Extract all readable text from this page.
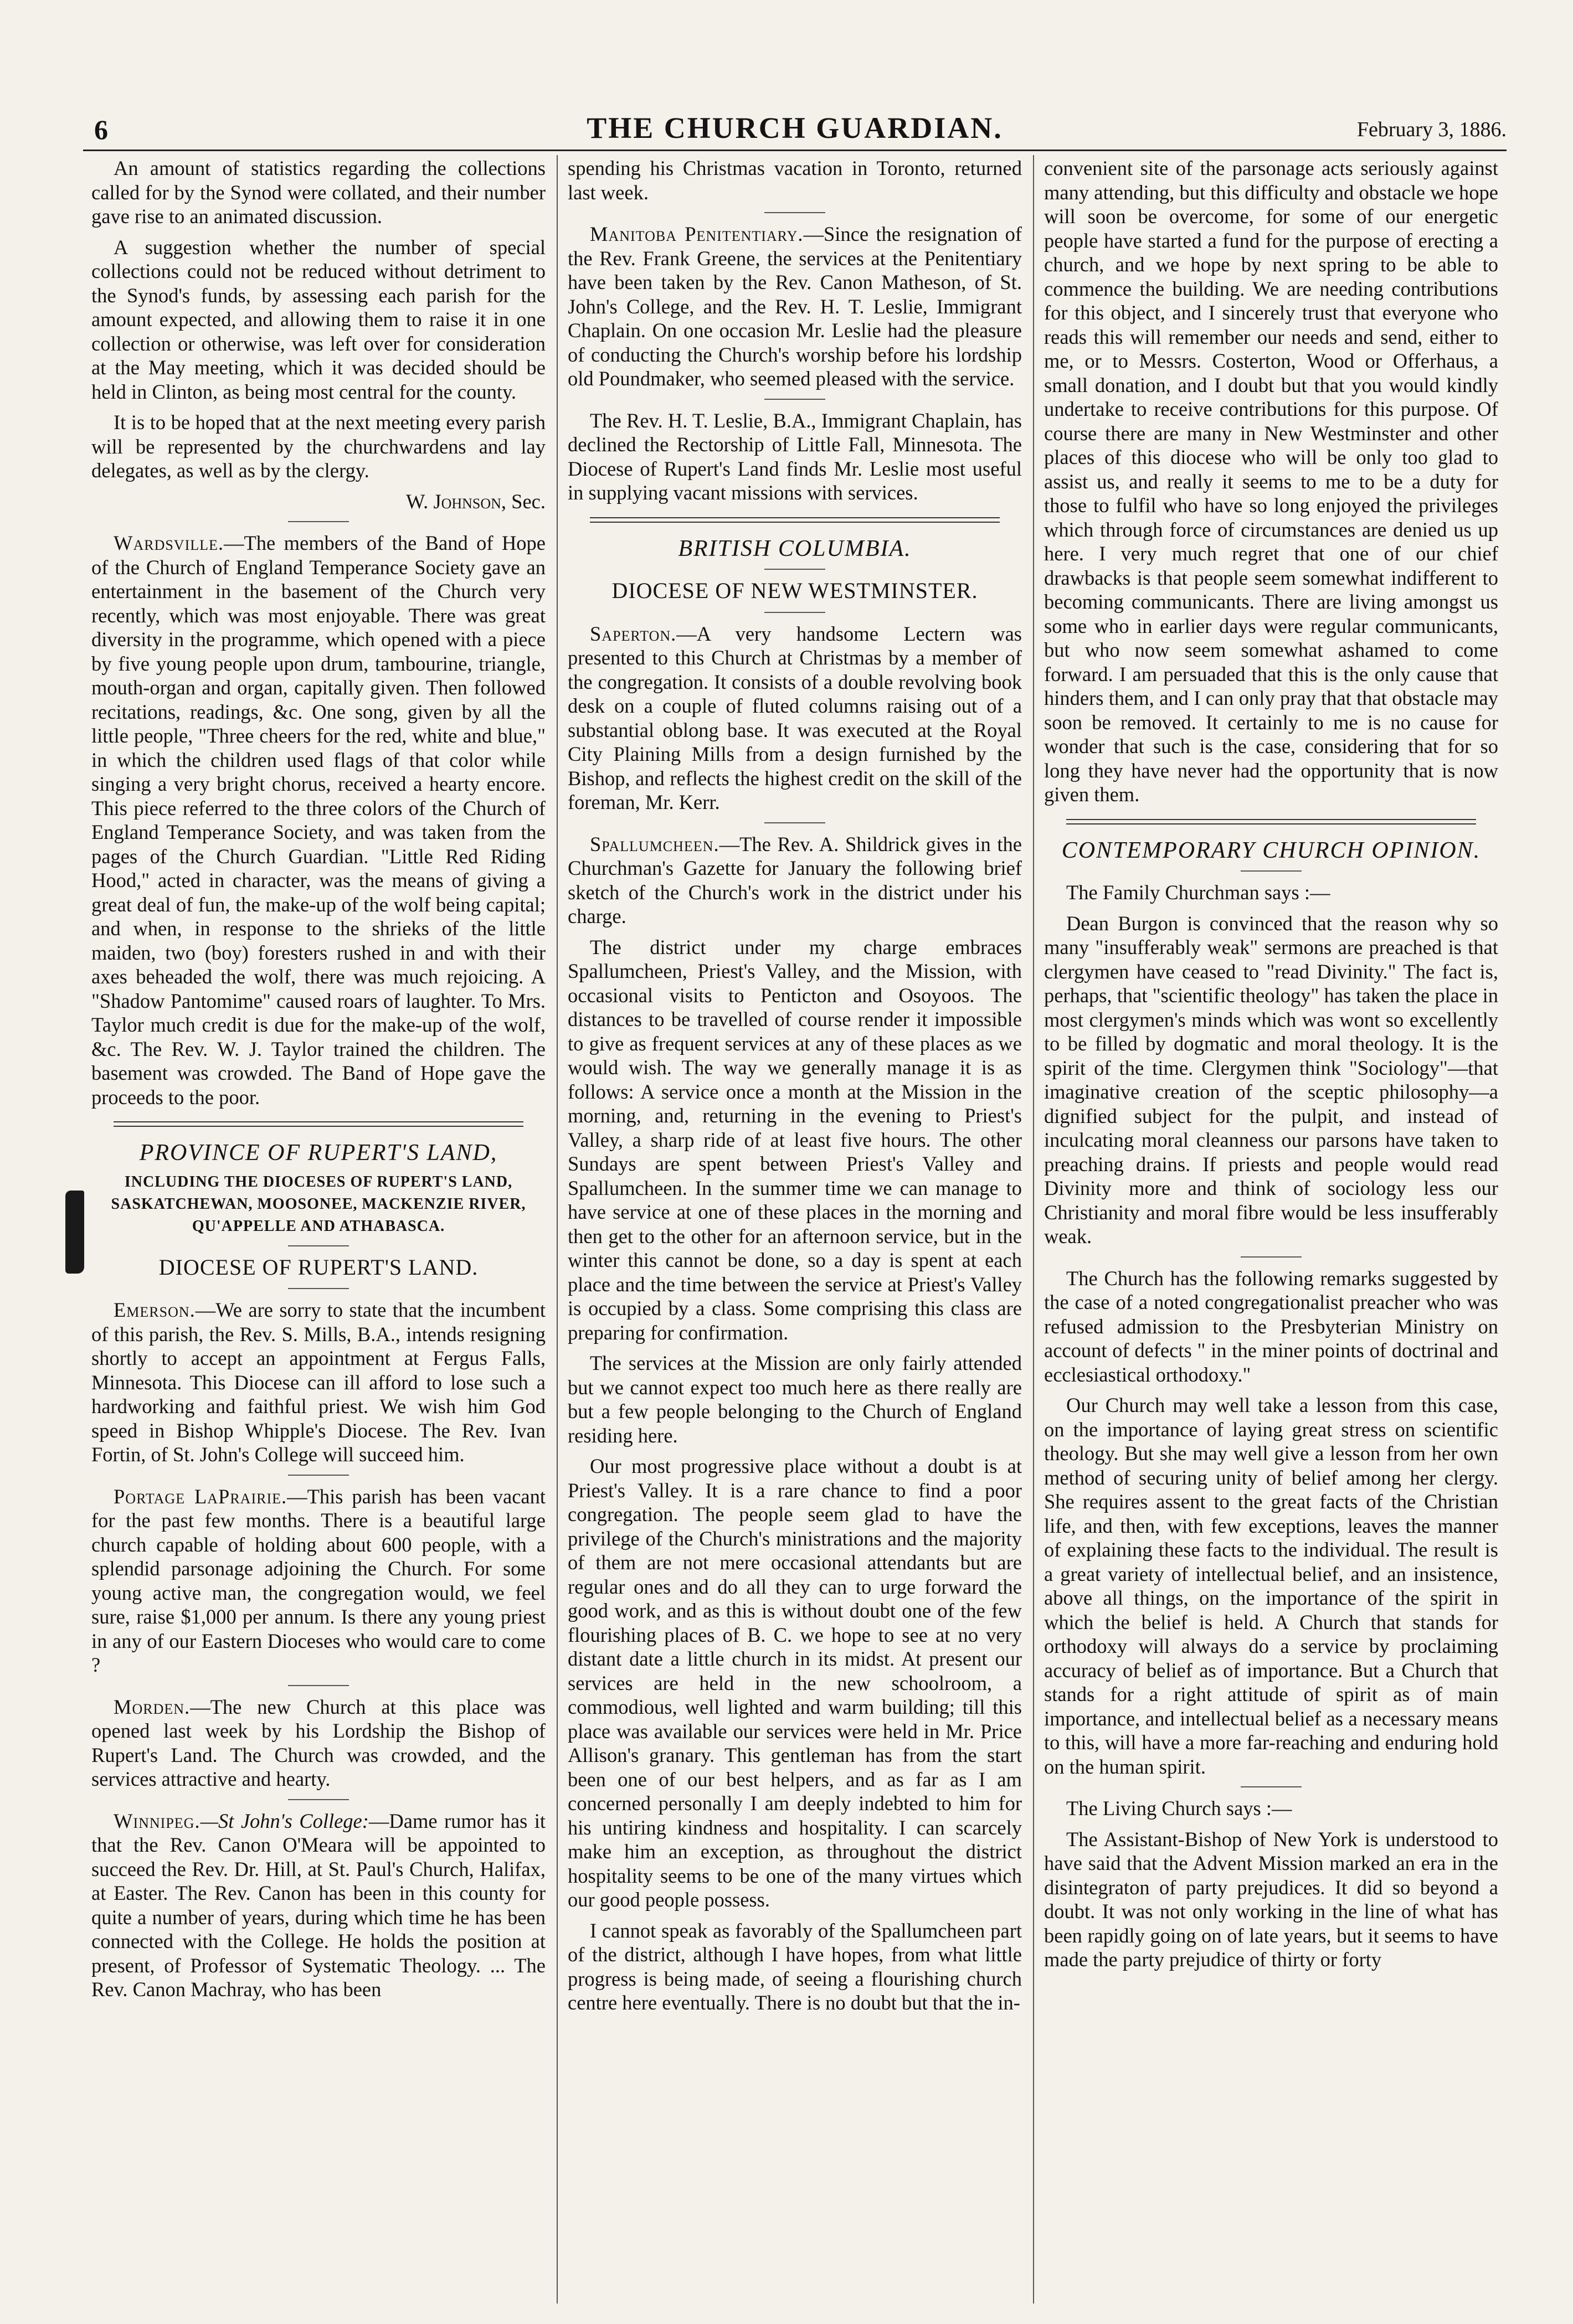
6	THE CHURCH GUARDIAN.	February 3, 1886.

An amount of statistics regarding the collections called for by the Synod were collated, and their number gave rise to an animated discussion.

A suggestion whether the number of special collections could not be reduced without detriment to the Synod's funds, by assessing each parish for the amount expected, and allowing them to raise it in one collection or otherwise, was left over for consideration at the May meeting, which it was decided should be held in Clinton, as being most central for the county.

It is to be hoped that at the next meeting every parish will be represented by the churchwardens and lay delegates, as well as by the clergy.

W. Johnson, Sec.

Wardsville.—The members of the Band of Hope of the Church of England Temperance Society gave an entertainment in the basement of the Church very recently, which was most enjoyable. There was great diversity in the programme, which opened with a piece by five young people upon drum, tambourine, triangle, mouth-organ and organ, capitally given. Then followed recitations, readings, &c. One song, given by all the little people, "Three cheers for the red, white and blue," in which the children used flags of that color while singing a very bright chorus, received a hearty encore. This piece referred to the three colors of the Church of England Temperance Society, and was taken from the pages of the Church Guardian. "Little Red Riding Hood," acted in character, was the means of giving a great deal of fun, the make-up of the wolf being capital; and when, in response to the shrieks of the little maiden, two (boy) foresters rushed in and with their axes beheaded the wolf, there was much rejoicing. A "Shadow Pantomime" caused roars of laughter. To Mrs. Taylor much credit is due for the make-up of the wolf, &c. The Rev. W. J. Taylor trained the children. The basement was crowded. The Band of Hope gave the proceeds to the poor.

PROVINCE OF RUPERT'S LAND,
INCLUDING THE DIOCESES OF RUPERT'S LAND, SASKATCHEWAN, MOOSONEE, MACKENZIE RIVER, QU'APPELLE AND ATHABASCA.
DIOCESE OF RUPERT'S LAND.

Emerson.—We are sorry to state that the incumbent of this parish, the Rev. S. Mills, B.A., intends resigning shortly to accept an appointment at Fergus Falls, Minnesota. This Diocese can ill afford to lose such a hardworking and faithful priest. We wish him God speed in Bishop Whipple's Diocese. The Rev. Ivan Fortin, of St. John's College will succeed him.

Portage LaPrairie.—This parish has been vacant for the past few months. There is a beautiful large church capable of holding about 600 people, with a splendid parsonage adjoining the Church. For some young active man, the congregation would, we feel sure, raise $1,000 per annum. Is there any young priest in any of our Eastern Dioceses who would care to come ?

Morden.—The new Church at this place was opened last week by his Lordship the Bishop of Rupert's Land. The Church was crowded, and the services attractive and hearty.

Winnipeg.—St John's College:—Dame rumor has it that the Rev. Canon O'Meara will be appointed to succeed the Rev. Dr. Hill, at St. Paul's Church, Halifax, at Easter. The Rev. Canon has been in this county for quite a number of years, during which time he has been connected with the College. He holds the position at present, of Professor of Systematic Theology. ... The Rev. Canon Machray, who has been

spending his Christmas vacation in Toronto, returned last week.

Manitoba Penitentiary.—Since the resignation of the Rev. Frank Greene, the services at the Penitentiary have been taken by the Rev. Canon Matheson, of St. John's College, and the Rev. H. T. Leslie, Immigrant Chaplain. On one occasion Mr. Leslie had the pleasure of conducting the Church's worship before his lordship old Poundmaker, who seemed pleased with the service.

The Rev. H. T. Leslie, B.A., Immigrant Chaplain, has declined the Rectorship of Little Fall, Minnesota. The Diocese of Rupert's Land finds Mr. Leslie most useful in supplying vacant missions with services.

BRITISH COLUMBIA.
DIOCESE OF NEW WESTMINSTER.

Saperton.—A very handsome Lectern was presented to this Church at Christmas by a member of the congregation. It consists of a double revolving book desk on a couple of fluted columns raising out of a substantial oblong base. It was executed at the Royal City Plaining Mills from a design furnished by the Bishop, and reflects the highest credit on the skill of the foreman, Mr. Kerr.

Spallumcheen.—The Rev. A. Shildrick gives in the Churchman's Gazette for January the following brief sketch of the Church's work in the district under his charge.

The district under my charge embraces Spallumcheen, Priest's Valley, and the Mission, with occasional visits to Penticton and Osoyoos. The distances to be travelled of course render it impossible to give as frequent services at any of these places as we would wish. The way we generally manage it is as follows: A service once a month at the Mission in the morning, and, returning in the evening to Priest's Valley, a sharp ride of at least five hours. The other Sundays are spent between Priest's Valley and Spallumcheen. In the summer time we can manage to have service at one of these places in the morning and then get to the other for an afternoon service, but in the winter this cannot be done, so a day is spent at each place and the time between the service at Priest's Valley is occupied by a class. Some comprising this class are preparing for confirmation.

The services at the Mission are only fairly attended but we cannot expect too much here as there really are but a few people belonging to the Church of England residing here.

Our most progressive place without a doubt is at Priest's Valley. It is a rare chance to find a poor congregation. The people seem glad to have the privilege of the Church's ministrations and the majority of them are not mere occasional attendants but are regular ones and do all they can to urge forward the good work, and as this is without doubt one of the few flourishing places of B. C. we hope to see at no very distant date a little church in its midst. At present our services are held in the new schoolroom, a commodious, well lighted and warm building; till this place was available our services were held in Mr. Price Allison's granary. This gentleman has from the start been one of our best helpers, and as far as I am concerned personally I am deeply indebted to him for his untiring kindness and hospitality. I can scarcely make him an exception, as throughout the district hospitality seems to be one of the many virtues which our good people possess.

I cannot speak as favorably of the Spallumcheen part of the district, although I have hopes, from what little progress is being made, of seeing a flourishing church centre here eventually. There is no doubt but that the in-

convenient site of the parsonage acts seriously against many attending, but this difficulty and obstacle we hope will soon be overcome, for some of our energetic people have started a fund for the purpose of erecting a church, and we hope by next spring to be able to commence the building. We are needing contributions for this object, and I sincerely trust that everyone who reads this will remember our needs and send, either to me, or to Messrs. Costerton, Wood or Offerhaus, a small donation, and I doubt but that you would kindly undertake to receive contributions for this purpose. Of course there are many in New Westminster and other places of this diocese who will be only too glad to assist us, and really it seems to me to be a duty for those to fulfil who have so long enjoyed the privileges which through force of circumstances are denied us up here. I very much regret that one of our chief drawbacks is that people seem somewhat indifferent to becoming communicants. There are living amongst us some who in earlier days were regular communicants, but who now seem somewhat ashamed to come forward. I am persuaded that this is the only cause that hinders them, and I can only pray that that obstacle may soon be removed. It certainly to me is no cause for wonder that such is the case, considering that for so long they have never had the opportunity that is now given them.

CONTEMPORARY CHURCH OPINION.

The Family Churchman says :—

Dean Burgon is convinced that the reason why so many "insufferably weak" sermons are preached is that clergymen have ceased to "read Divinity." The fact is, perhaps, that "scientific theology" has taken the place in most clergymen's minds which was wont so excellently to be filled by dogmatic and moral theology. It is the spirit of the time. Clergymen think "Sociology"—that imaginative creation of the sceptic philosophy—a dignified subject for the pulpit, and instead of inculcating moral cleanness our parsons have taken to preaching drains. If priests and people would read Divinity more and think of sociology less our Christianity and moral fibre would be less insufferably weak.

The Church has the following remarks suggested by the case of a noted congregationalist preacher who was refused admission to the Presbyterian Ministry on account of defects " in the miner points of doctrinal and ecclesiastical orthodoxy."

Our Church may well take a lesson from this case, on the importance of laying great stress on scientific theology. But she may well give a lesson from her own method of securing unity of belief among her clergy. She requires assent to the great facts of the Christian life, and then, with few exceptions, leaves the manner of explaining these facts to the individual. The result is a great variety of intellectual belief, and an insistence, above all things, on the importance of the spirit in which the belief is held. A Church that stands for orthodoxy will always do a service by proclaiming accuracy of belief as of importance. But a Church that stands for a right attitude of spirit as of main importance, and intellectual belief as a necessary means to this, will have a more far-reaching and enduring hold on the human spirit.

The Living Church says :—

The Assistant-Bishop of New York is understood to have said that the Advent Mission marked an era in the disintegraton of party prejudices. It did so beyond a doubt. It was not only working in the line of what has been rapidly going on of late years, but it seems to have made the party prejudice of thirty or forty
